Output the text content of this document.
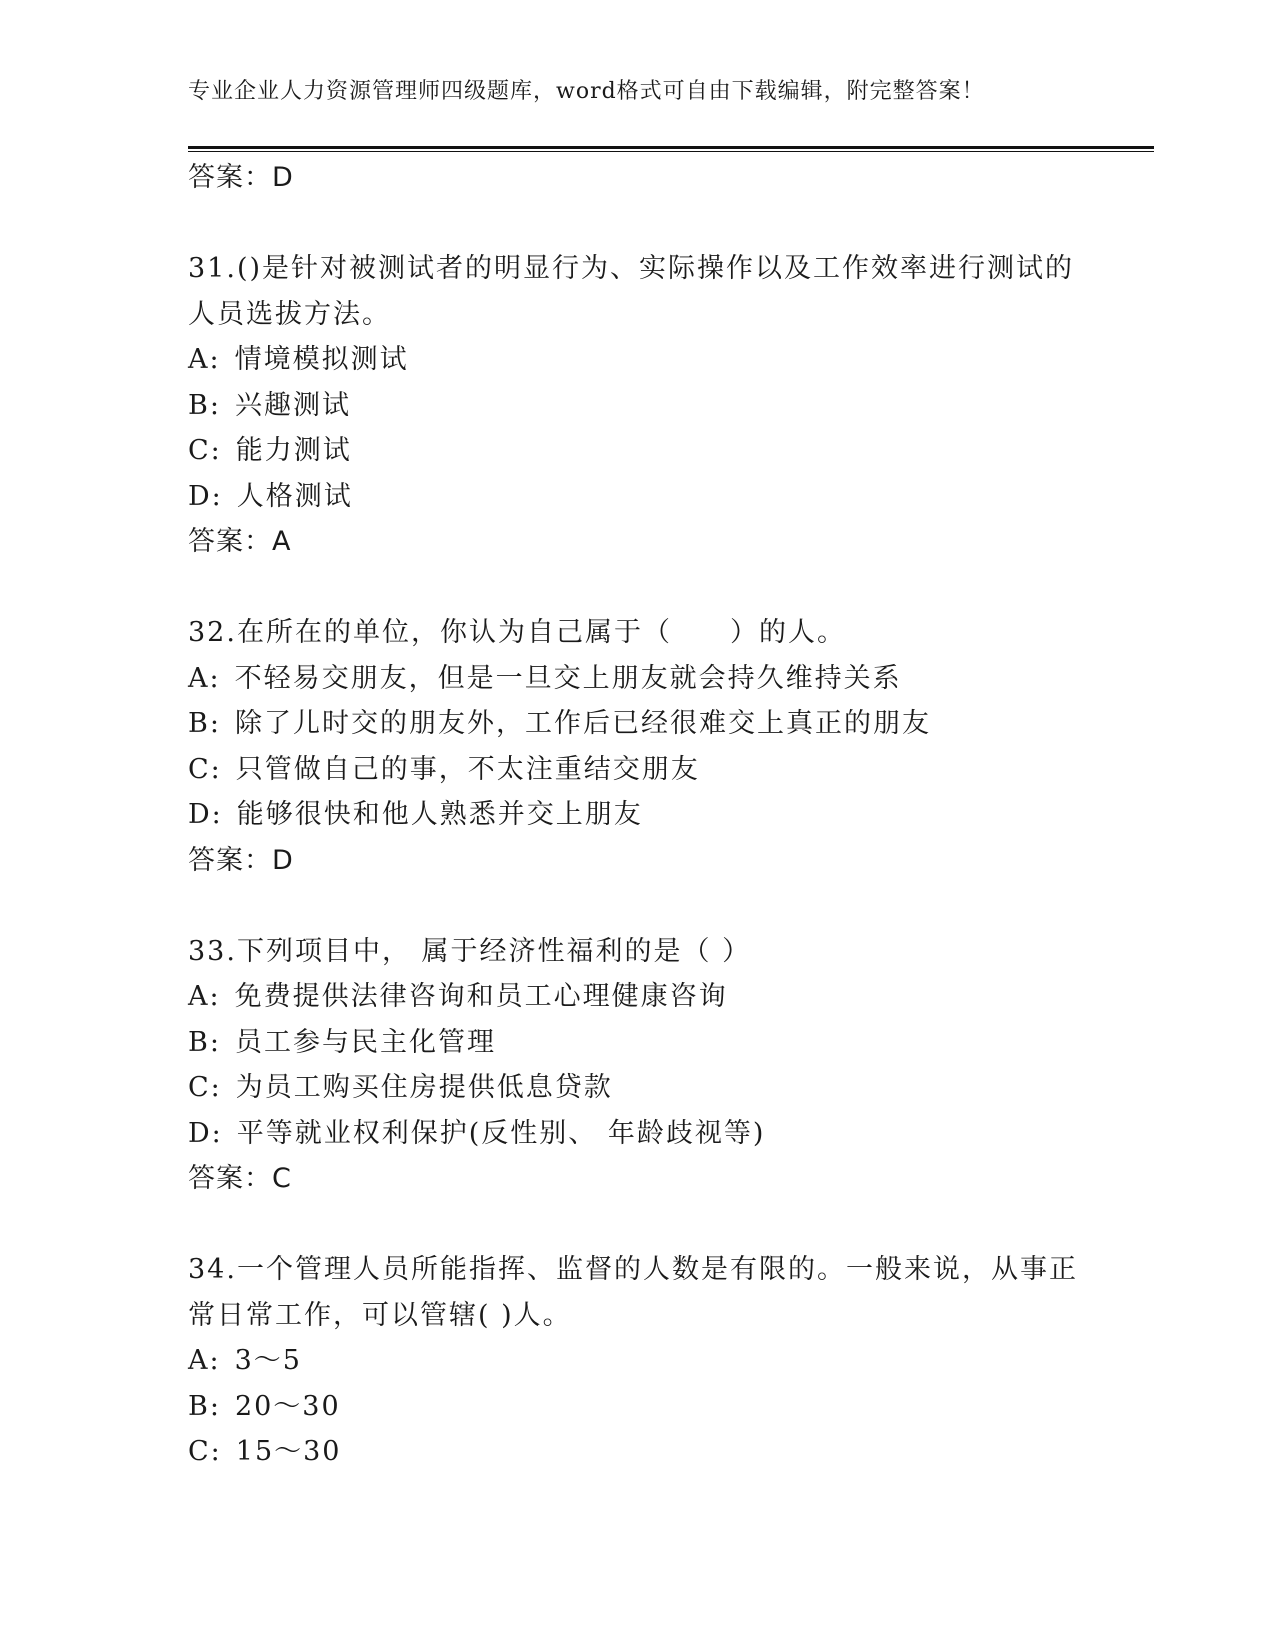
专业企业人力资源管理师四级题库，word格式可自由下载编辑，附完整答案！
答案：D
31.()是针对被测试者的明显行为、实际操作以及工作效率进行测试的
人员选拔方法。
A: 情境模拟测试
B: 兴趣测试
C: 能力测试
D: 人格测试
答案：A
32.在所在的单位，你认为自己属于（　　）的人。
A: 不轻易交朋友，但是一旦交上朋友就会持久维持关系
B: 除了儿时交的朋友外，工作后已经很难交上真正的朋友
C: 只管做自己的事，不太注重结交朋友
D: 能够很快和他人熟悉并交上朋友
答案：D
33.下列项目中， 属于经济性福利的是（ ）
A: 免费提供法律咨询和员工心理健康咨询
B: 员工参与民主化管理
C: 为员工购买住房提供低息贷款
D: 平等就业权利保护(反性别、 年龄歧视等)
答案：C
34.一个管理人员所能指挥、监督的人数是有限的。一般来说，从事正
常日常工作，可以管辖( )人。
A: 3～5
B: 20～30
C: 15～30
